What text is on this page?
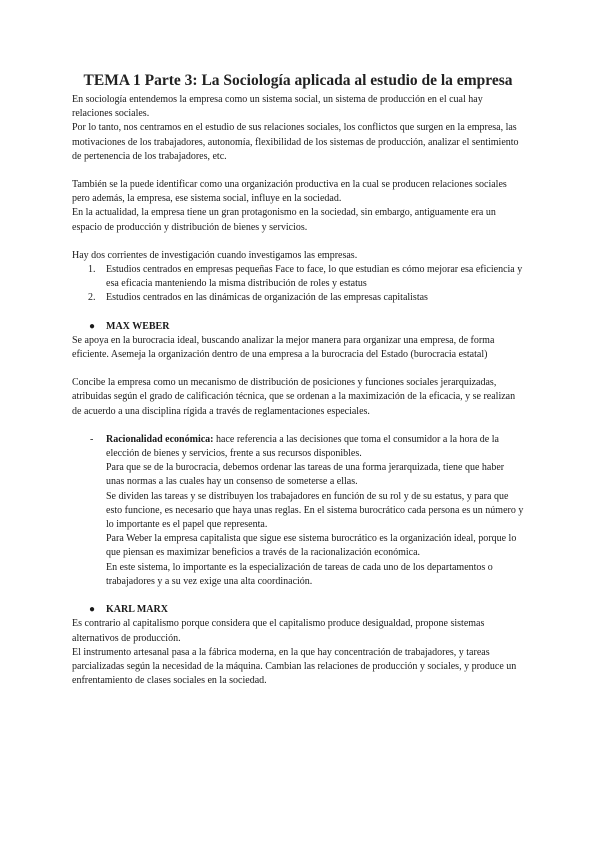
TEMA 1 Parte 3: La Sociología aplicada al estudio de la empresa

En sociología entendemos la empresa como un sistema social, un sistema de producción en el cual hay relaciones sociales.

Por lo tanto, nos centramos en el estudio de sus relaciones sociales, los conflictos que surgen en la empresa, las motivaciones de los trabajadores, autonomía, flexibilidad de los sistemas de producción, analizar el sentimiento de pertenencia de los trabajadores, etc.

También se la puede identificar como una organización productiva en la cual se producen relaciones sociales pero además, la empresa, ese sistema social, influye en la sociedad.

En la actualidad, la empresa tiene un gran protagonismo en la sociedad, sin embargo, antiguamente era un espacio de producción y distribución de bienes y servicios.

Hay dos corrientes de investigación cuando investigamos las empresas.

1. Estudios centrados en empresas pequeñas Face to face, lo que estudian es cómo mejorar esa eficiencia y esa eficacia manteniendo la misma distribución de roles y estatus
2. Estudios centrados en las dinámicas de organización de las empresas capitalistas

● MAX WEBER

Se apoya en la burocracia ideal, buscando analizar la mejor manera para organizar una empresa, de forma eficiente. Asemeja la organización dentro de una empresa a la burocracia del Estado (burocracia estatal)

Concibe la empresa como un mecanismo de distribución de posiciones y funciones sociales jerarquizadas, atribuidas según el grado de calificación técnica, que se ordenan a la maximización de la eficacia, y se realizan de acuerdo a una disciplina rígida a través de reglamentaciones especiales.

- Racionalidad económica: hace referencia a las decisiones que toma el consumidor a la hora de la elección de bienes y servicios, frente a sus recursos disponibles.

Para que se de la burocracia, debemos ordenar las tareas de una forma jerarquizada, tiene que haber unas normas a las cuales hay un consenso de someterse a ellas.

Se dividen las tareas y se distribuyen los trabajadores en función de su rol y de su estatus, y para que esto funcione, es necesario que haya unas reglas. En el sistema burocrático cada persona es un número y lo importante es el papel que representa.

Para Weber la empresa capitalista que sigue ese sistema burocrático es la organización ideal, porque lo que piensan es maximizar beneficios a través de la racionalización económica.

En este sistema, lo importante es la especialización de tareas de cada uno de los departamentos o trabajadores y a su vez exige una alta coordinación.

● KARL MARX

Es contrario al capitalismo porque considera que el capitalismo produce desigualdad, propone sistemas alternativos de producción.

El instrumento artesanal pasa a la fábrica moderna, en la que hay concentración de trabajadores, y tareas parcializadas según la necesidad de la máquina. Cambian las relaciones de producción y sociales, y produce un enfrentamiento de clases sociales en la sociedad.
